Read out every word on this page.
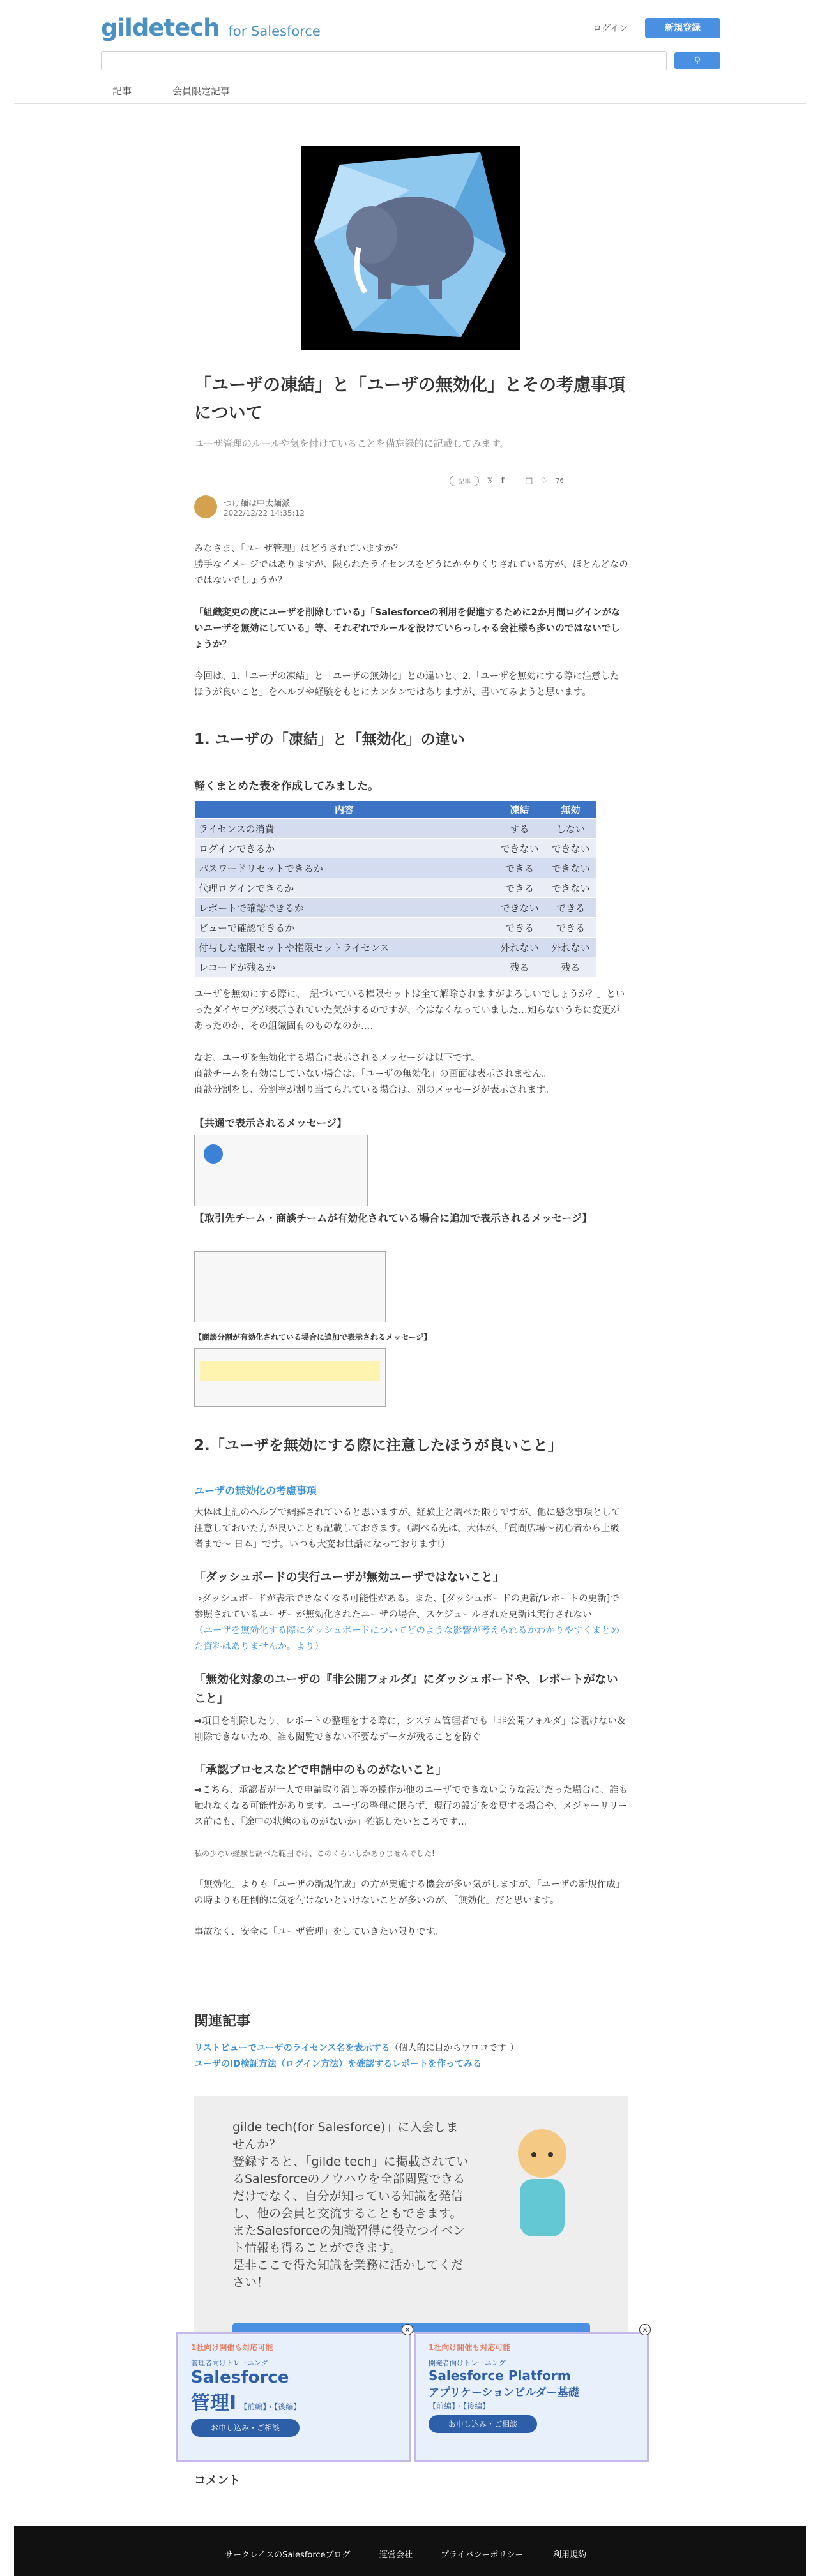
gildetech for Salesforce	ログイン	新規登録
⚲
記事	会員限定記事
「ユーザの凍結」と「ユーザの無効化」とその考慮事項について
ユーザ管理のルールや気を付けていることを備忘録的に記載してみます。
つけ麺は中太麺派
2022/12/22 14:35:12
記事	𝕏 f □ ♡ 76

みなさま、「ユーザ管理」はどうされていますか？

勝手なイメージではありますが、限られたライセンスをどうにかやりくりされている方が、ほとんどなのではないでしょうか？

「組織変更の度にユーザを削除している」「Salesforceの利用を促進するために2か月間ログインがないユーザを無効にしている」等、それぞれでルールを設けていらっしゃる会社様も多いのではないでしょうか？

今回は、1.「ユーザの凍結」と「ユーザの無効化」との違いと、2.「ユーザを無効にする際に注意したほうが良いこと」をヘルプや経験をもとにカンタンではありますが、書いてみようと思います。

1. ユーザの「凍結」と「無効化」の違い
軽くまとめた表を作成してみました。
内容	凍結	無効
ライセンスの消費	する	しない
ログインできるか	できない	できない
パスワードリセットできるか	できる	できない
代理ログインできるか	できる	できない
レポートで確認できるか	できない	できる
ビューで確認できるか	できる	できる
付与した権限セットや権限セットライセンス	外れない	外れない
レコードが残るか	残る	残る

ユーザを無効にする際に、「紐づいている権限セットは全て解除されますがよろしいでしょうか？」といったダイヤログが表示されていた気がするのですが、今はなくなっていました…知らないうちに変更があったのか、その組織固有のものなのか‥‥

なお、ユーザを無効化する場合に表示されるメッセージは以下です。

商談チームを有効にしていない場合は、「ユーザの無効化」の画面は表示されません。

商談分割をし、分割率が割り当てられている場合は、別のメッセージが表示されます。

【共通で表示されるメッセージ】
【取引先チーム・商談チームが有効化されている場合に追加で表示されるメッセージ】
【商談分割が有効化されている場合に追加で表示されるメッセージ】
2.「ユーザを無効にする際に注意したほうが良いこと」
ユーザの無効化の考慮事項

大体は上記のヘルプで網羅されていると思いますが、経験上と調べた限りですが、他に懸念事項として注意しておいた方が良いことも記載しておきます。（調べる先は、大体が、「質問広場〜初心者から上級者まで〜 日本」です。いつも大変お世話になっております!）

「ダッシュボードの実行ユーザが無効ユーザではないこと」

⇒ダッシュボードが表示できなくなる可能性がある。また、[ダッシュボードの更新/レポートの更新]で参照されているユーザーが無効化されたユーザの場合、スケジュールされた更新は実行されない

（ユーザを無効化する際にダッシュボードについてどのような影響が考えられるかわかりやすくまとめた資料はありませんか。より）

「無効化対象のユーザの『非公開フォルダ』にダッシュボードや、レポートがないこと」

⇒項目を削除したり、レポートの整理をする際に、システム管理者でも「非公開フォルダ」は覗けない＆削除できないため、誰も閲覧できない不要なデータが残ることを防ぐ

「承認プロセスなどで申請中のものがないこと」

⇒こちら、承認者が一人で申請取り消し等の操作が他のユーザでできないような設定だった場合に、誰も触れなくなる可能性があります。ユーザの整理に限らず、現行の設定を変更する場合や、メジャーリリース前にも、「途中の状態のものがないか」確認したいところです…

私の少ない経験と調べた範囲では、このくらいしかありませんでした!

「無効化」よりも「ユーザの新規作成」の方が実施する機会が多い気がしますが、「ユーザの新規作成」の時よりも圧倒的に気を付けないといけないことが多いのが、「無効化」だと思います。

事故なく、安全に「ユーザ管理」をしていきたい限りです。

関連記事

リストビューでユーザのライセンス名を表示する（個人的に目からウロコです。）

ユーザのID検証方法（ログイン方法）を確認するレポートを作ってみる

gilde tech(for Salesforce)」に入会しませんか？
登録すると、「gilde tech」に掲載されているSalesforceのノウハウを全部閲覧できるだけでなく、自分が知っている知識を発信し、他の会員と交流することもできます。
またSalesforceの知識習得に役立つイベント情報も得ることができます。
是非ここで得た知識を業務に活かしてください！

×
1社向け開催も対応可能
管理者向けトレーニング
Salesforce
管理Ⅰ 【前編】・【後編】
お申し込み・ご相談
×
1社向け開催も対応可能
開発者向けトレーニング
Salesforce Platform
アプリケーションビルダー基礎
【前編】・【後編】
お申し込み・ご相談
コメント
サークレイスのSalesforceブログ	運営会社	プライバシーポリシー	利用規約
